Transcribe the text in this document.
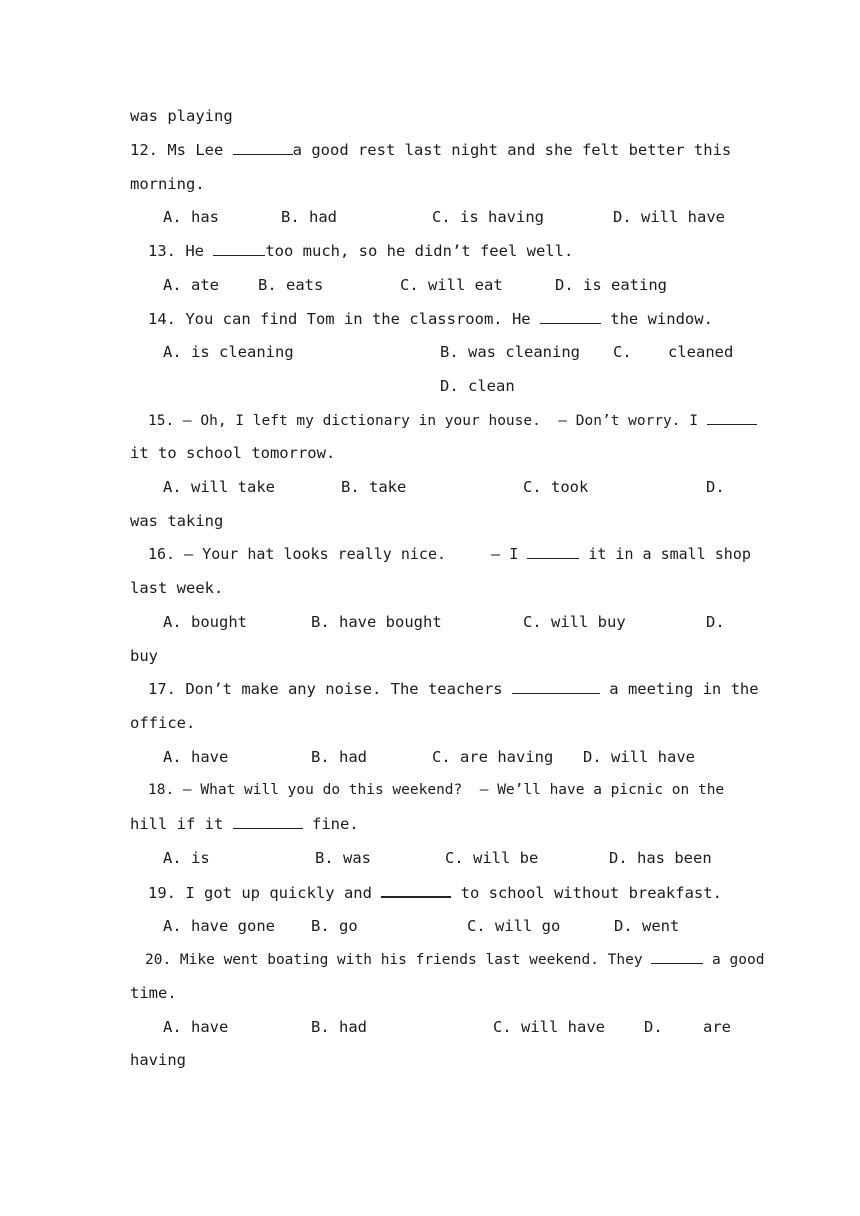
was playing
12. Ms Lee	a good rest last night and she felt better this
morning.
A. has	B. had	C. is having	D. will have
13. He	too much, so he didn’t feel well.
A. ate	B. eats	C. will eat	D. is eating
14. You can find Tom in the classroom. He	the window.
A. is cleaning	B. was cleaning C. cleaned
D. clean
15. — Oh, I left my dictionary in your house.  — Don’t worry. I
it to school tomorrow.
A. will take	B. take	C. took	D.
was taking
16. — Your hat looks really nice.     — I	it in a small shop
last week.
A. bought	B. have bought	C. will buy	D.
buy
17. Don’t make any noise. The teachers	a meeting in the
office.
A. have	B. had	C. are having D. will have
18. — What will you do this weekend?  — We’ll have a picnic on the
hill if it	fine.
A. is	B. was	C. will be	D. has been
19. I got up quickly and	to school without breakfast.
A. have gone B. go	C. will go	D. went
20. Mike went boating with his friends last weekend. They	a good
time.
A. have	B. had	C. will have	D.	are
having
